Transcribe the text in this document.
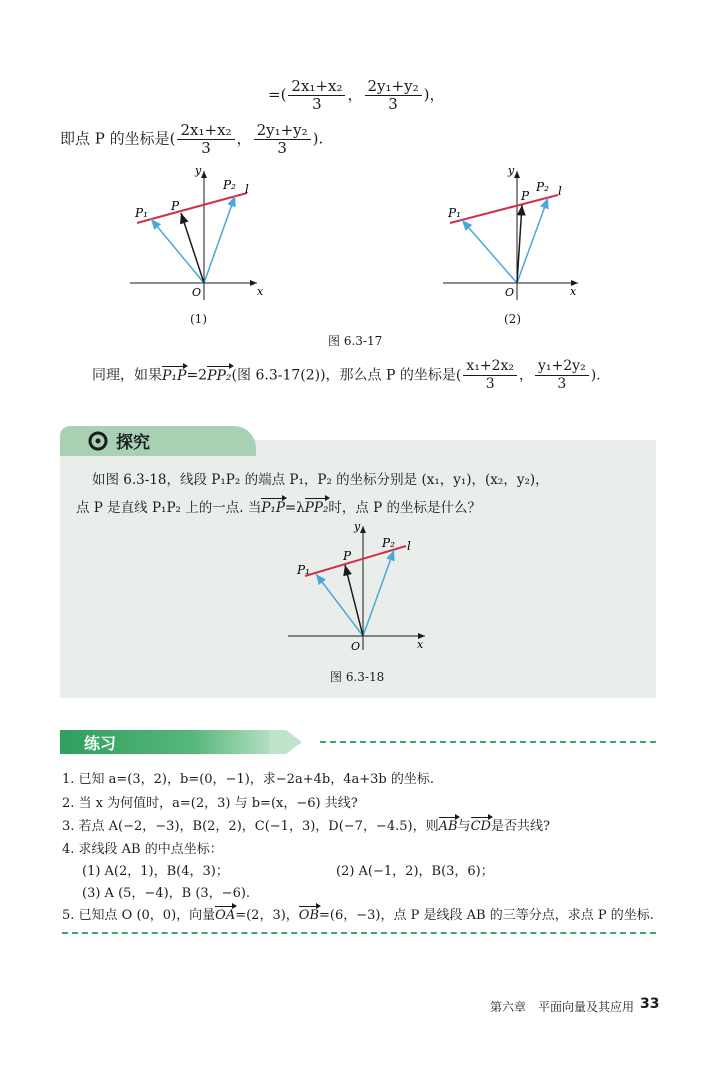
=( $\frac{\text{2x₁+x₂}}{3}$ ， $\frac{\text{2y₁+y₂}}{3}$ )，
即点 P 的坐标是( $\frac{\text{2x₁+x₂}}{3}$ ， $\frac{\text{2y₁+y₂}}{3}$ ).
P₁ P
P₂ l
y
x
O
(1)
P₁
P
P₂ l
y
x
O
(2)
图 6.3-17
同理，如果P₁P=2PP₂(图 6.3-17(2))，那么点 P 的坐标是( $\frac{\text{x₁+2x₂}}{3}$ ， $\frac{\text{y₁+2y₂}}{3}$ ).
探究
如图 6.3-18，线段 P₁P₂ 的端点 P₁，P₂ 的坐标分别是 (x₁，y₁)，(x₂，y₂)，
点 P 是直线 P₁P₂ 上的一点. 当P₁P=λPP₂时，点 P 的坐标是什么？
P₁
P
P₂ l
y
x
O
图 6.3-18
练习
1. 已知 a=(3，2)，b=(0，−1)，求−2a+4b，4a+3b 的坐标.
2. 当 x 为何值时，a=(2，3) 与 b=(x，−6) 共线?
3. 若点 A(−2，−3)，B(2，2)，C(−1，3)，D(−7，−4.5)，则AB与CD是否共线?
4. 求线段 AB 的中点坐标：
(1) A(2，1)，B(4，3)；	(2) A(−1，2)，B(3，6)；
(3) A (5，−4)，B (3，−6).
5. 已知点 O (0，0)，向量OA=(2，3)，OB=(6，−3)，点 P 是线段 AB 的三等分点，求点 P 的坐标.
第六章　平面向量及其应用 33
